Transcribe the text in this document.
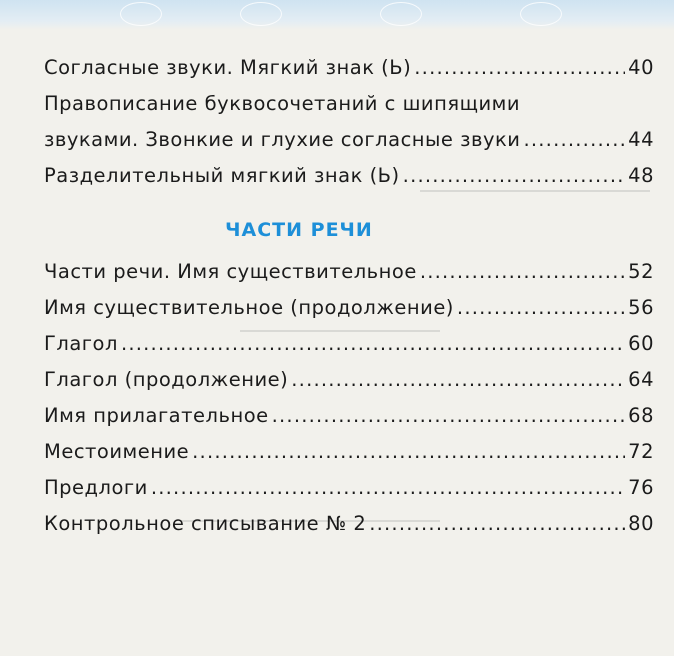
Согласные звуки. Мягкий знак (Ь) .....	40
Правописание буквосочетаний с шипящими
звуками. Звонкие и глухие согласные звуки .....	44
Разделительный мягкий знак (Ь) .....	48
ЧАСТИ РЕЧИ
Части речи. Имя существительное .....	52
Имя существительное (продолжение) .....	56
Глагол .....	60
Глагол (продолжение) .....	64
Имя прилагательное .....	68
Местоимение .....	72
Предлоги .....	76
Контрольное списывание № 2 .....	80
